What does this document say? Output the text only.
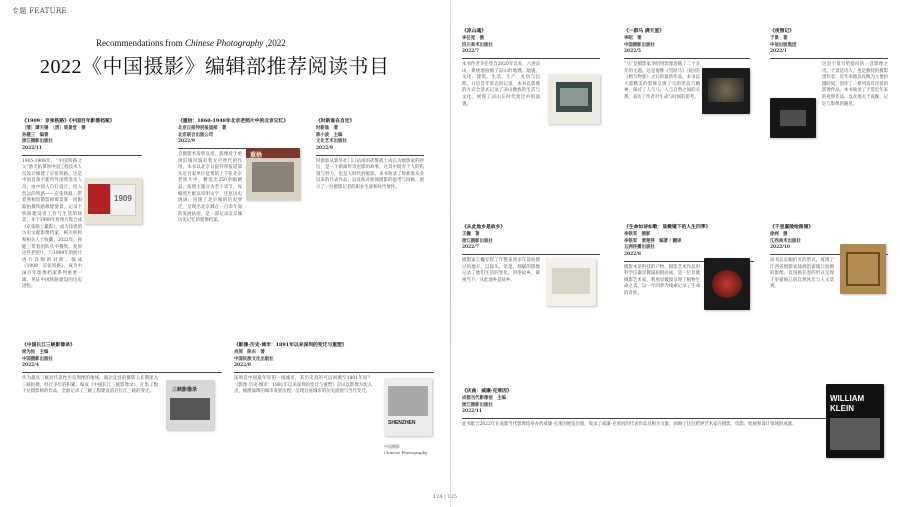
专题 FEATURE
Recommendations from Chinese Photography ,2022
2022《中国摄影》编辑部推荐阅读书目
《1909：京张铁路》《中国百年影像档案》
〔清〕谭天锡　〔清〕周景堂　摄
孙健三　编著
浙江摄影出版社
2022/11
1905-1909年，“中国铁路之父”詹天佑带领中国工程技术人员设计修建了京张铁路，这是中国首条不使用外国资金及人员、由中国人自行设计、投入营运的铁路——京张铁路。带着照相馆摄影师谭景棠一同跟踪拍摄铁路修建情景，记录下铁路建设者工作与生活的场景，并于1909年将照片集合成《京张路工撮影》，成为珍贵的历史文献影像档案，相关机构和相关人士收藏。2022年，孙健三带着团队从中搜集、复原这些老照片，与1909年的照片进行详细的对照，编成《1909：京张铁路》，成为中国百年影像档案系列重要一辑，见证中国铁路建设的历史进程。
1909
《重拾：1860-1948年北京老照片中的北京记忆》
北京日报特别报道部　著
北京联合出版公司
2022/9
自摄影术发明以来，影像对于重现旧城风貌有着无可替代的作用。本书以北京日报特别报道部从近百家单位征集的上千张北京老照片中，精选出250余幅精品，按照主题分为若干章节，每幅照片配以说明文字，还原历史现场，再现了北京城的历史变迁，呈现出北京城在一百余年间的发展轨迹，是一部记录北京城历史记忆的影像档案。
重拾
《时新谁在自定》
时新谁　著
陈小波　主编
文化艺术出版社
2022/9
时新谁从新华社门口站岗的武警战士成长为摄影家的经历，是一个新闻传奇也影的故事。这其中既有个人的机遇与努力，也是大时代的缩影。本书收录了时新谁从业以来的代表作品，以及他对新闻摄影的思考与回顾，展示了一位摄影记者的职业生涯和时代情怀。
《凉山魂》
李任宽　摄
四川美术出版社
2022/7
本书作者李任宽自2020年以来，六进凉山，系统地拍摄了凉山的地理、地貌、文化、建筑、生活、生产、礼俗与信仰，开启昔年常态的记录。本书以影像的方式全景式记录了凉山彝族的生活与文化，展现了凉山在时代变迁中的面貌。
《一群马 满天星》
李昭　著
中国摄影出版社
2022/5
“马”是摄影家李昭用影像追随了二十多年的主题。这是他继《雪原马》《蛇国》《榕与物象》之后的最新作品。本书以大量精美的影像呈现了马的形态与精神，探讨了人与马、人与自然之间的关系，表达了作者对生命与时间的思考。
《夜照记》
于景　著
中信出版集团
2022/1
这是于景写给提问的一首影像之诗。于景是诗人，也是独特的摄影创作者。近年来他以夜晚为主要拍摄时间，创作了一系列富有诗意的影像作品。本书收录了于景近年来的夜照作品，以及他关于夜晚、记忆与影像的随笔。
《从此地乡是故乡》
王樾　著
浙江摄影出版社
2022/7
摄影家王樾专程了年整来到多年前拍摄过的地方，以镜头、笔墨，细腻的影像记录了他们生活的变化，回望故乡，凝视当下，从此地乡是故乡。
《生命如诗如歌：显微镜下的人生四季》
李铁军　摄影
李铁军　黄楚萍　编著 / 翻译
五洲传播出版社
2022/8
摄影本是科技的产物，摄影艺术作品用科学仪器显微镜拍摄而成，是一位显微摄影艺术家，利用显微镜呈现了植物生命之美，以一年四季为线索记录了生命的奇妙。
《千里嘉陵绘图图》
徐洲　摄
江西美术出版社
2022/10
该书以长幅折页的形式，再现了江西省摄影家徐洲沿嘉陵江拍摄的影像，以国画长卷的形式呈现千里嘉陵江的自然风光与人文景观。
《中国长江三峡影像录》
徐为民　主编
中国摄影出版社
2022/4
作为最具三峡对代表性历史图像的地域，湖北宜昌的摄影人长期深入三峡拍摄，经过多年的积累，编成《中国长江三峡影像录》，汇集了数十位摄影师的作品，全面记录了三峡工程建设前后长江三峡的变迁。	三峡影像录
《影像·历史·城市：1891年以来深圳的变迁与重塑》
肖阅　陈东　著
中国民族文化出版社
2022/8
深圳是中国最年轻的一线城市，其历史真的可以回溯至1891年吗？《影像·历史·城市：1891年以来深圳的变迁与重塑》尝试以影像为切入点，梳理深圳的城市发展历程，呈现这座城市的历史面貌与当代变迁。
SHENZHEN
中国摄影
Chinese Photography
《庆曲：威廉·克莱因》
成都当代影像馆　主编
浙江摄影出版社
2022/11
此书配合2022年在成都当代影像馆举办的威廉·克莱因展览出版，收录了威廉·克莱因的代表作品及相关文献，回顾了这位跨界艺术家在摄影、电影、绘画和设计领域的成就。
WILLIAM
KLEIN
124 | 125
